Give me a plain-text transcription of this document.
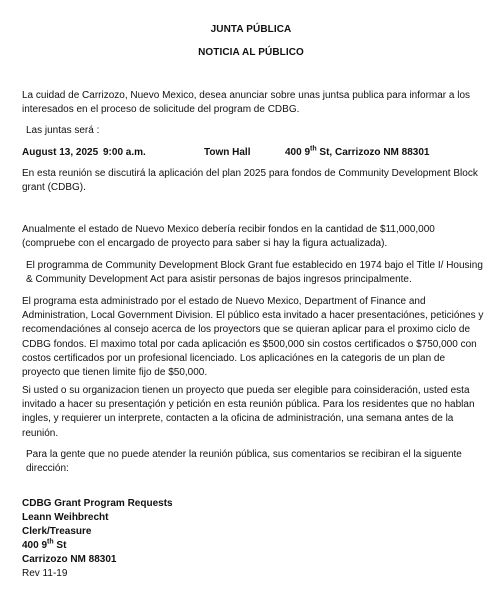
JUNTA PÚBLICA
NOTICIA AL PÚBLICO
La cuidad de Carrizozo, Nuevo Mexico, desea anunciar sobre unas juntsa publica para informar a los interesados en el proceso de solicitude del program de CDBG.
Las juntas será :
August 13, 2025 9:00 a.m.	Town Hall	400 9th St, Carrizozo NM 88301
En esta reunión se discutirá la aplicación del plan 2025 para fondos de Community Development Block grant (CDBG).
Anualmente el estado de Nuevo Mexico debería recibir fondos en la cantidad de $11,000,000 (compruebe con el encargado de proyecto para saber si hay la figura actualizada).
El programma de Community Development Block Grant fue establecido en 1974 bajo el Title I/ Housing & Community Development Act para asistir personas de bajos ingresos principalmente.
El programa esta administrado por el estado de Nuevo Mexico, Department of Finance and Administration, Local Government Division. El público esta invitado a hacer presentaciónes, peticiónes y recomendaciónes al consejo acerca de los proyectors que se quieran aplicar para el proximo ciclo de CDBG fondos. El maximo total por cada aplicación es $500,000 sin costos certificados o $750,000 con costos certificados por un profesional licenciado. Los aplicaciónes en la categoris de un plan de proyecto que tienen limite fijo de $50,000.
Si usted o su organizacion tienen un proyecto que pueda ser elegible para coinsideración, usted esta invitado a hacer su presentaçión y petición en esta reunión pública. Para los residentes que no hablan ingles, y requierer un interprete, contacten a la oficina de administración, una semana antes de la reunión.
Para la gente que no puede atender la reunión pública, sus comentarios se recibiran el la siguente dirección:
CDBG Grant Program Requests
Leann Weihbrecht
Clerk/Treasure
400 9th St
Carrizozo NM 88301
Rev 11-19
